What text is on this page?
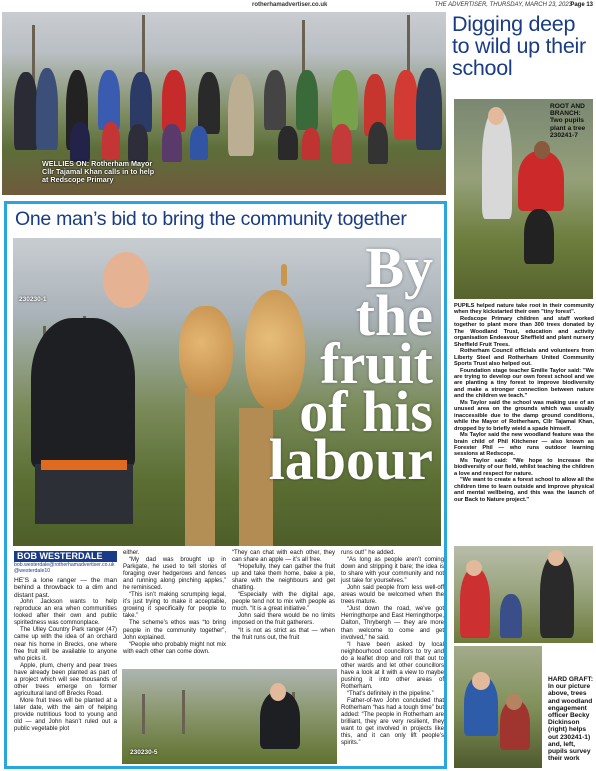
rotherhamadvertiser.co.uk	THE ADVERTISER, THURSDAY, MARCH 23, 2023
Page 13
WELLIES ON: Rotherham Mayor Cllr Tajamal Khan calls in to help at Redscope Primary
Digging deep to wild up their school
ROOT AND BRANCH: Two pupils plant a tree 230241-7

PUPILS helped nature take root in their community when they kickstarted their own "tiny forest".

Redscope Primary children and staff worked together to plant more than 300 trees donated by The Woodland Trust, education and activity organisation Endeavour Sheffield and plant nursery Sheffield Fruit Trees.

Rotherham Council officials and volunteers from Liberty Steel and Rotherham United Community Sports Trust also helped out.

Foundation stage teacher Emilie Taylor said: "We are trying to develop our own forest school and we are planting a tiny forest to improve biodiversity and make a stronger connection between nature and the children we teach."

Ms Taylor said the school was making use of an unused area on the grounds which was usually inaccessible due to the damp ground conditions, while the Mayor of Rotherham, Cllr Tajamal Khan, dropped by to briefly wield a spade himself.

Ms Taylor said the new woodland feature was the brain child of Phil Kitchener — also known as Forester Phil — who runs outdoor learning sessions at Redscope.

Ms Taylor said: "We hope to increase the biodiversity of our field, whilst teaching the children a love and respect for nature.

"We want to create a forest school to allow all the children time to learn outside and improve physical and mental wellbeing, and this was the launch of our Back to Nature project."

HARD GRAFT: In our picture above, trees and woodland engagement officer Becky Dickinson (right) helps out 230241-1) and, left, pupils survey their work
One man’s bid to bring the community together
230230-1	By
the
fruit
of his
labour
BOB WESTERDALE
bob.westerdale@rotherhamadvertiser.co.uk
@westerdale10

HE’S a lone ranger — the man behind a throwback to a dim and distant past.

John Jackson wants to help reproduce an era when communities looked after their own and public spiritedness was commonplace.

The Ulley Country Park ranger (47) came up with the idea of an orchard near his home in Brecks, one where free fruit will be available to anyone who picks it.

Apple, plum, cherry and pear trees have already been planted as part of a project which will see thousands of other trees emerge on former agricultural land off Brecks Road.

More fruit trees will be planted at a later date, with the aim of helping provide nutritious food to young and old — and John hasn’t ruled out a public vegetable plot

either.

“My dad was brought up in Parkgate, he used to tell stories of foraging over hedgerows and fences and running along pinching apples,” he reminisced.

“This isn’t making scrumping legal, it’s just trying to make it acceptable, growing it specifically for people to take.”

The scheme’s ethos was “to bring people in the community together”, John explained.

“People who probably might not mix with each other can come down.

“They can chat with each other, they can share an apple — it’s all free.

“Hopefully, they can gather the fruit up and take them home, bake a pie, share with the neighbours and get chatting.

“Especially with the digital age, people tend not to mix with people as much. “It is a great initiative.”

John said there would be no limits imposed on the fruit gatherers.

“It is not as strict as that — when the fruit runs out, the fruit

runs out!” he added.

“As long as people aren’t coming down and stripping it bare; the idea is to share with your community and not just take for yourselves.”

John said people from less well-off areas would be welcomed when the trees mature.

“Just down the road, we’ve got Herringthorpe and East Herringthorpe, Dalton, Thrybergh — they are more than welcome to come and get involved,” he said.

“I have been asked by local neighbourhood councillors to try and do a leaflet drop and roll that out to other wards and let other councillors have a look at it with a view to maybe pushing it into other areas of Rotherham.

“That’s definitely in the pipeline.”

Father-of-two John concluded that Rotherham “has had a tough time” but added: “The people in Rotherham are brilliant, they are very resilient, they want to get involved in projects like this, and it can only lift people’s spirits.”

230230-5
